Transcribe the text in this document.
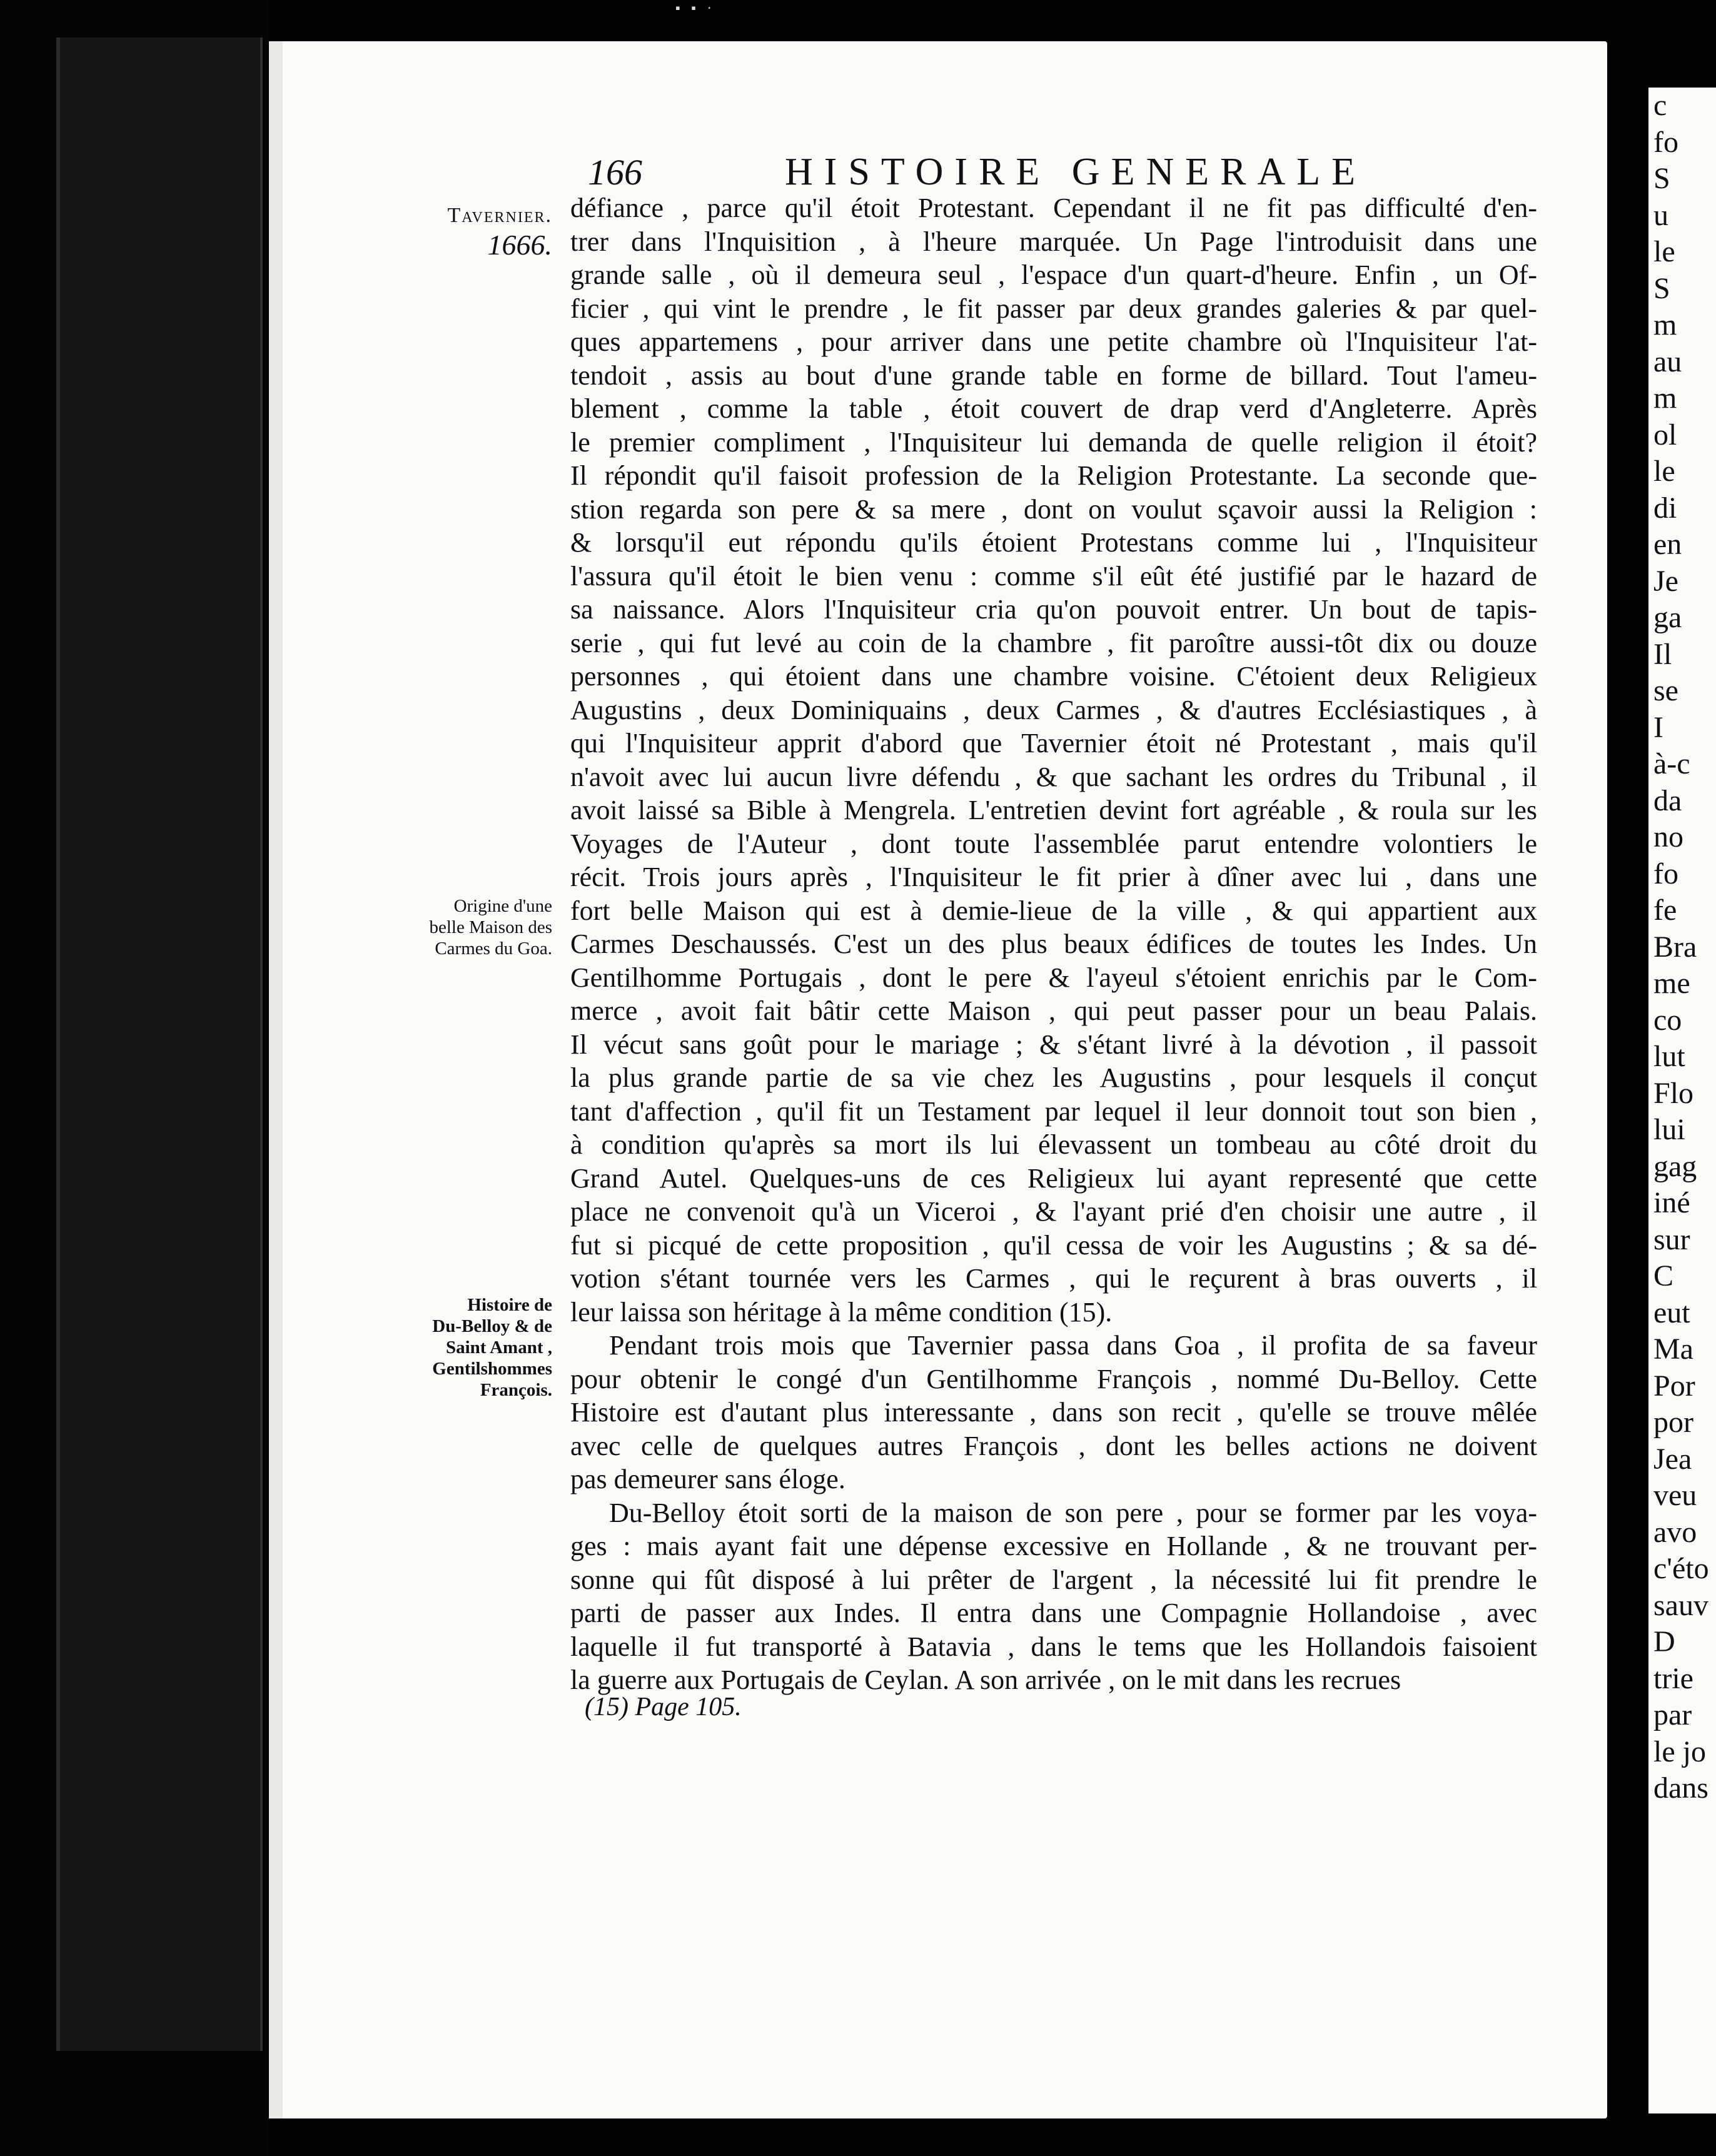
▪ ▪ ·
c
fo
S
u
le
S
m
au
m
ol
le
di
en
Je
ga
Il
se
I
à-c
da
no
fo
fe
Bra
me
co
lut
Flo
lui
gag
iné
sur
C
eut
Ma
Por
por
Jea
veu
avo
c'éto
sauv
D
trie
par
le jo
dans
166	HISTOIRE GENERALE
Tavernier.
1666.
Origine d'une
belle Maison des
Carmes du Goa.
Histoire de
Du-Belloy & de
Saint Amant ,
Gentilshommes
François.
défiance , parce qu'il étoit Protestant. Cependant il ne fit pas difficulté d'en-
trer dans l'Inquisition , à l'heure marquée. Un Page l'introduisit dans une
grande salle , où il demeura seul , l'espace d'un quart-d'heure. Enfin , un Of-
ficier , qui vint le prendre , le fit passer par deux grandes galeries & par quel-
ques appartemens , pour arriver dans une petite chambre où l'Inquisiteur l'at-
tendoit , assis au bout d'une grande table en forme de billard. Tout l'ameu-
blement , comme la table , étoit couvert de drap verd d'Angleterre. Après
le premier compliment , l'Inquisiteur lui demanda de quelle religion il étoit?
Il répondit qu'il faisoit profession de la Religion Protestante. La seconde que-
stion regarda son pere & sa mere , dont on voulut sçavoir aussi la Religion :
& lorsqu'il eut répondu qu'ils étoient Protestans comme lui , l'Inquisiteur
l'assura qu'il étoit le bien venu : comme s'il eût été justifié par le hazard de
sa naissance. Alors l'Inquisiteur cria qu'on pouvoit entrer. Un bout de tapis-
serie , qui fut levé au coin de la chambre , fit paroître aussi-tôt dix ou douze
personnes , qui étoient dans une chambre voisine. C'étoient deux Religieux
Augustins , deux Dominiquains , deux Carmes , & d'autres Ecclésiastiques , à
qui l'Inquisiteur apprit d'abord que Tavernier étoit né Protestant , mais qu'il
n'avoit avec lui aucun livre défendu , & que sachant les ordres du Tribunal , il
avoit laissé sa Bible à Mengrela. L'entretien devint fort agréable , & roula sur les
Voyages de l'Auteur , dont toute l'assemblée parut entendre volontiers le
récit. Trois jours après , l'Inquisiteur le fit prier à dîner avec lui , dans une
fort belle Maison qui est à demie-lieue de la ville , & qui appartient aux
Carmes Deschaussés. C'est un des plus beaux édifices de toutes les Indes. Un
Gentilhomme Portugais , dont le pere & l'ayeul s'étoient enrichis par le Com-
merce , avoit fait bâtir cette Maison , qui peut passer pour un beau Palais.
Il vécut sans goût pour le mariage ; & s'étant livré à la dévotion , il passoit
la plus grande partie de sa vie chez les Augustins , pour lesquels il conçut
tant d'affection , qu'il fit un Testament par lequel il leur donnoit tout son bien ,
à condition qu'après sa mort ils lui élevassent un tombeau au côté droit du
Grand Autel. Quelques-uns de ces Religieux lui ayant representé que cette
place ne convenoit qu'à un Viceroi , & l'ayant prié d'en choisir une autre , il
fut si picqué de cette proposition , qu'il cessa de voir les Augustins ; & sa dé-
votion s'étant tournée vers les Carmes , qui le reçurent à bras ouverts , il
leur laissa son héritage à la même condition (15).
Pendant trois mois que Tavernier passa dans Goa , il profita de sa faveur
pour obtenir le congé d'un Gentilhomme François , nommé Du-Belloy. Cette
Histoire est d'autant plus interessante , dans son recit , qu'elle se trouve mêlée
avec celle de quelques autres François , dont les belles actions ne doivent
pas demeurer sans éloge.
Du-Belloy étoit sorti de la maison de son pere , pour se former par les voya-
ges : mais ayant fait une dépense excessive en Hollande , & ne trouvant per-
sonne qui fût disposé à lui prêter de l'argent , la nécessité lui fit prendre le
parti de passer aux Indes. Il entra dans une Compagnie Hollandoise , avec
laquelle il fut transporté à Batavia , dans le tems que les Hollandois faisoient
la guerre aux Portugais de Ceylan. A son arrivée , on le mit dans les recrues
(15) Page 105.
